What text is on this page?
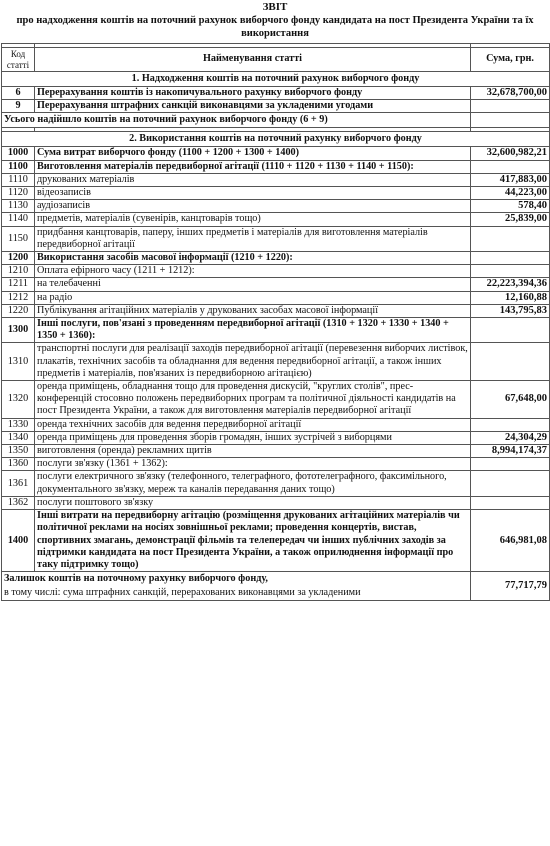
ЗВІТ
про надходження коштів на поточний рахунок виборчого фонду кандидата на пост Президента України та їх використання

Код статті	Найменування статті	Сума, грн.
1. Надходження коштів на поточний рахунок виборчого фонду		
6	Перерахування коштів із накопичувального рахунку виборчого фонду	32,678,700,00
9	Перерахування штрафних санкцій виконавцями за укладеними угодами	
Усього надійшло коштів на поточний рахунок виборчого фонду (6 + 9)		

2. Використання коштів на поточний рахунку виборчого фонду		
1000	Сума витрат виборчого фонду (1100 + 1200 + 1300 + 1400)	32,600,982,21
1100	Виготовлення матеріалів передвиборної агітації (1110 + 1120 + 1130 + 1140 + 1150):	
1110	друкованих матеріалів	417,883,00
1120	відеозаписів	44,223,00
1130	аудіозаписів	578,40
1140	предметів, матеріалів (сувенірів, канцтоварів тощо)	25,839,00
1150	придбання канцтоварів, паперу, інших предметів і матеріалів для виготовлення матеріалів передвиборної агітації	
1200	Використання засобів масової інформації (1210 + 1220):	
1210	Оплата ефірного часу (1211 + 1212):	
1211	на телебаченні	22,223,394,36
1212	на радіо	12,160,88
1220	Публікування агітаційних матеріалів у друкованих засобах масової інформації	143,795,83
1300	Інші послуги, пов'язані з проведенням передвиборної агітації (1310 + 1320 + 1330 + 1340 + 1350 + 1360):	
1310	транспортні послуги для реалізації заходів передвиборної агітації (перевезення виборчих листівок, плакатів, технічних засобів та обладнання для ведення передвиборної агітації, а також інших предметів і матеріалів, пов'язаних із передвиборною агітацією)	
1320	оренда приміщень, обладнання тощо для проведення дискусій, "круглих столів", прес-конференцій стосовно положень передвиборних програм та політичної діяльності кандидатів на пост Президента України, а також для виготовлення матеріалів передвиборної агітації	67,648,00
1330	оренда технічних засобів для ведення передвиборної агітації	
1340	оренда приміщень для проведення зборів громадян, інших зустрічей з виборцями	24,304,29
1350	виготовлення (оренда) рекламних щитів	8,994,174,37
1360	послуги зв'язку (1361 + 1362):	
1361	послуги електричного зв'язку (телефонного, телеграфного, фототелеграфного, факсимільного, документального зв'язку, мереж та каналів передавання даних тощо)	
1362	послуги поштового зв'язку	
1400	Інші витрати на передвиборну агітацію (розміщення друкованих агітаційних матеріалів чи політичної реклами на носіях зовнішньої реклами; проведення концертів, вистав, спортивних змагань, демонстрації фільмів та телепередач чи інших публічних заходів за підтримки кандидата на пост Президента України, а також оприлюднення інформації про таку підтримку тощо)	646,981,08
Залишок коштів на поточному рахунку виборчого фонду,		77,717,79
в тому числі: сума штрафних санкцій, перерахованих виконавцями за укладеними		
